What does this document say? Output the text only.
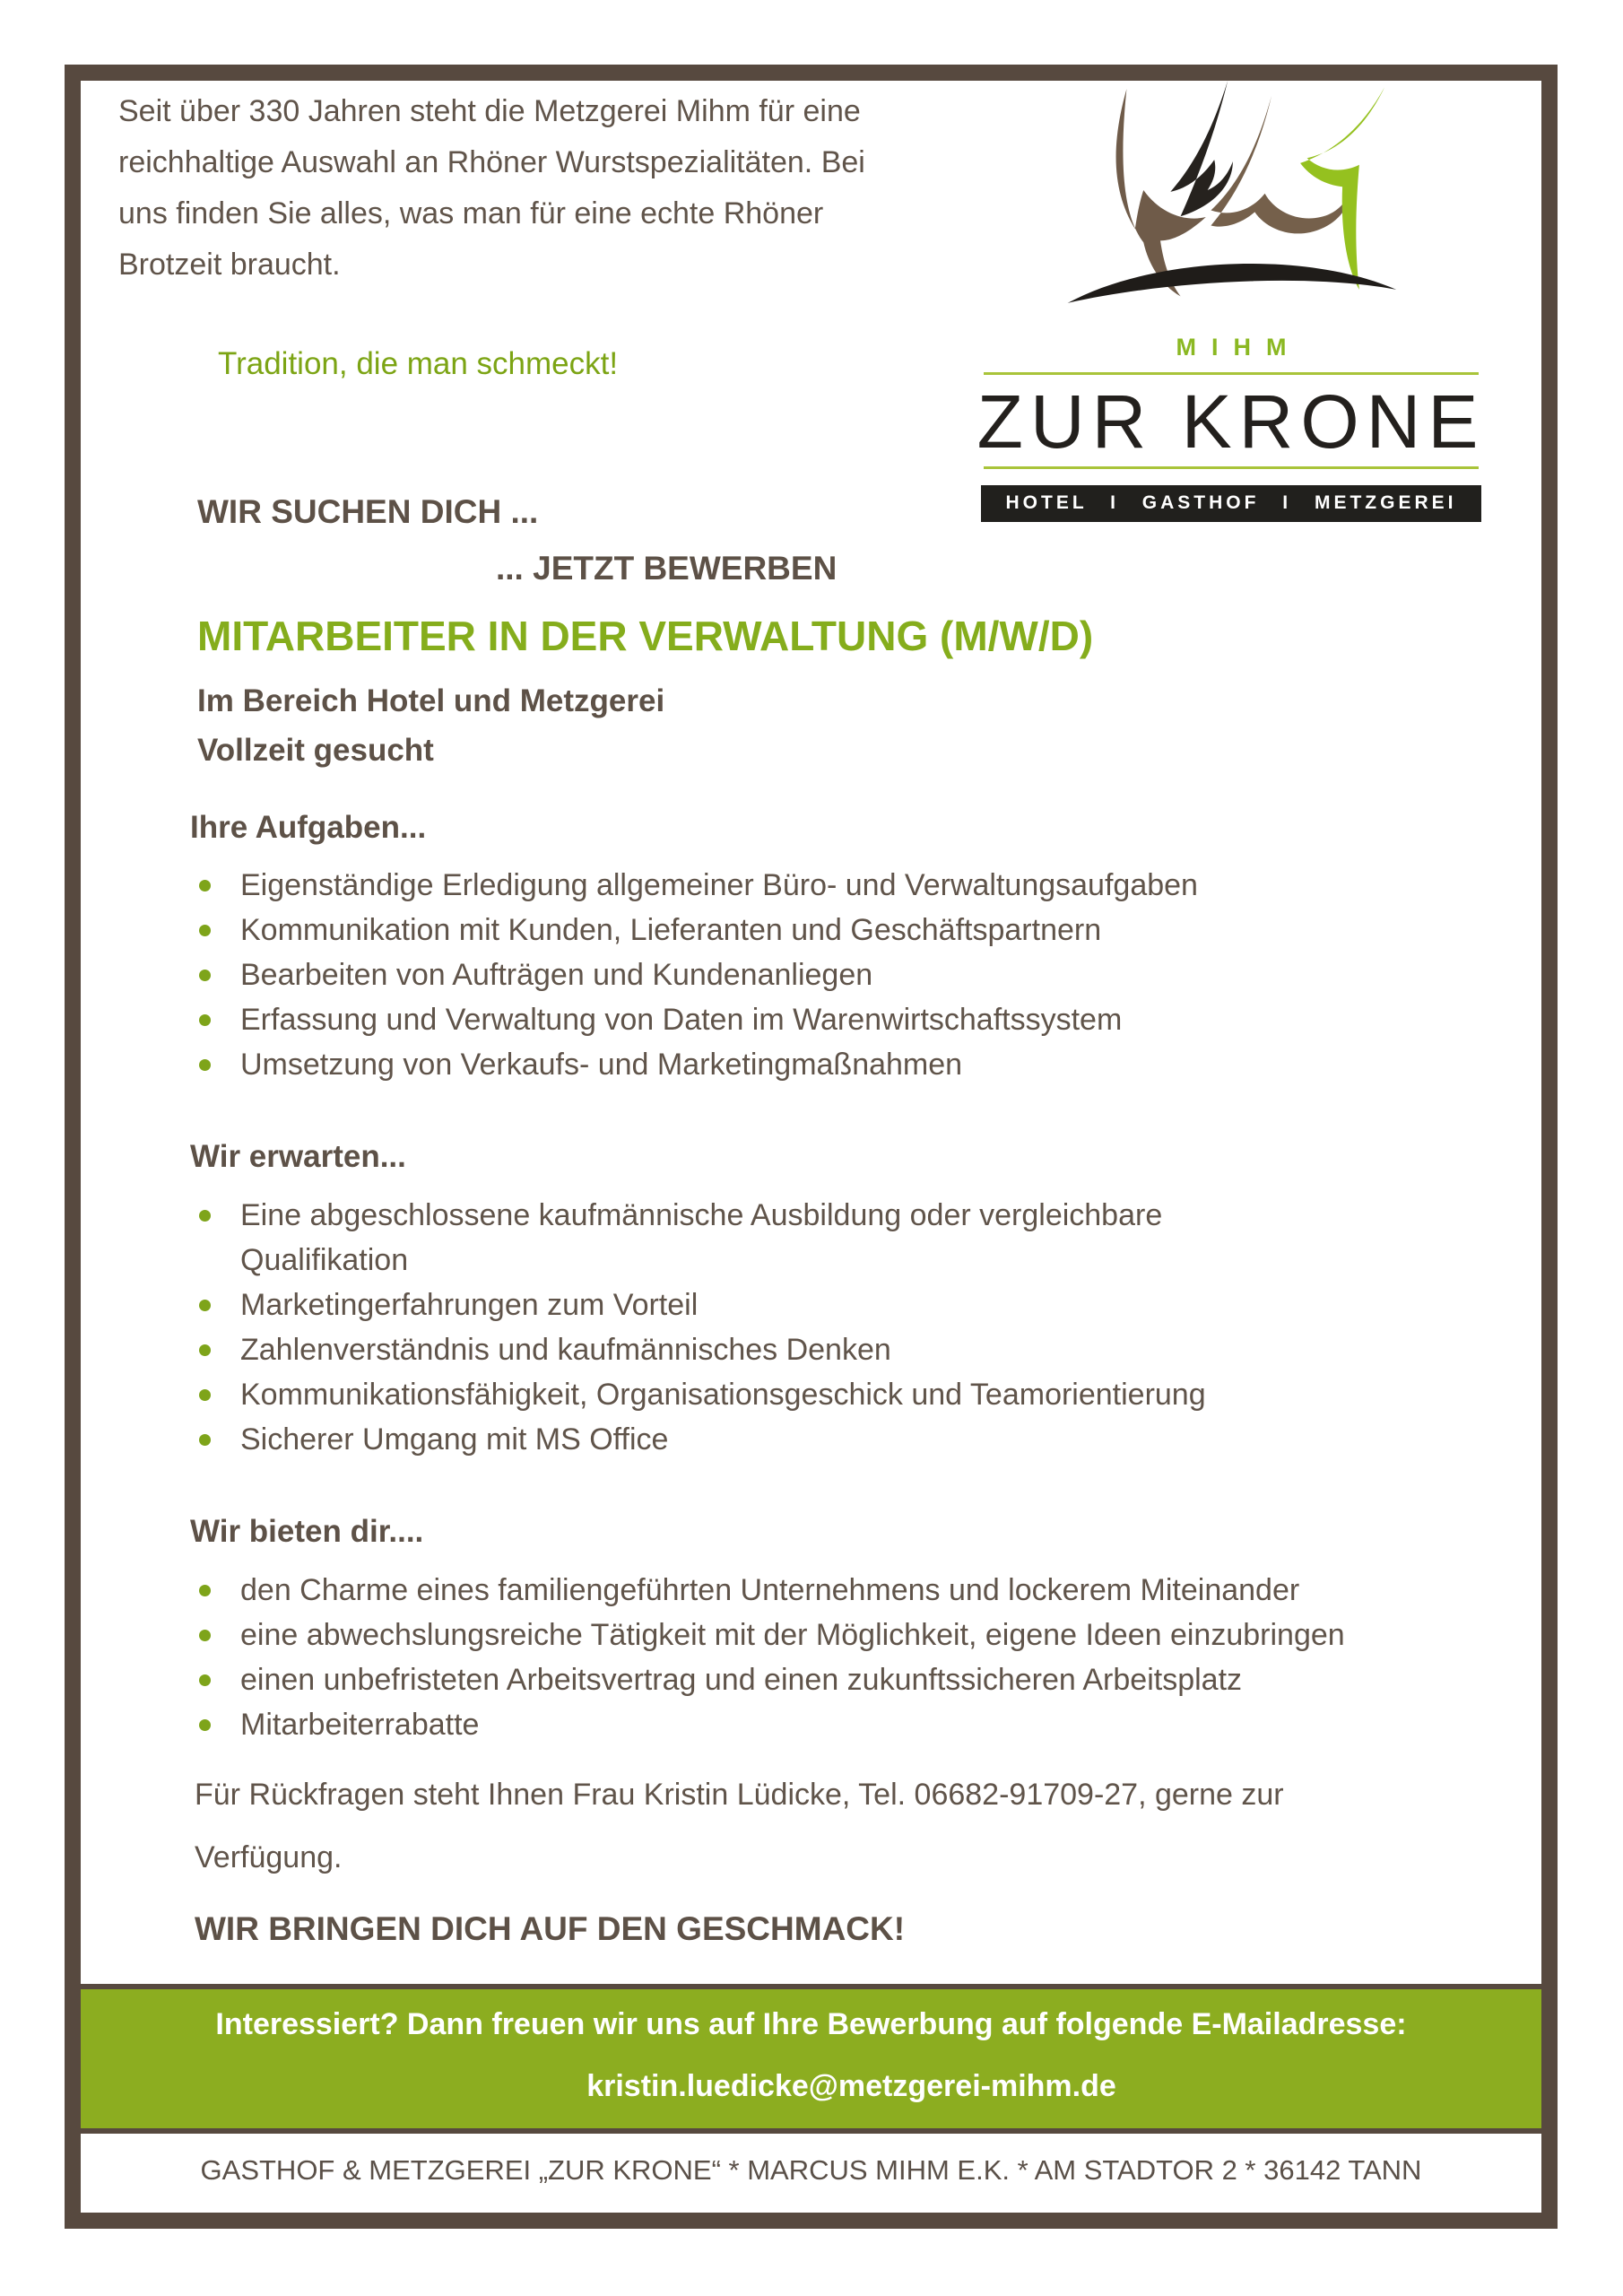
Seit über 330 Jahren steht die Metzgerei Mihm für eine reichhaltige Auswahl an Rhöner Wurstspezialitäten. Bei uns finden Sie alles, was man für eine echte Rhöner Brotzeit braucht.
Tradition, die man schmeckt!	MIHM
ZUR KRONE
HOTEL I GASTHOF I METZGEREI
WIR SUCHEN DICH ...
... JETZT BEWERBEN
MITARBEITER IN DER VERWALTUNG (M/W/D)
Im Bereich Hotel und Metzgerei
Vollzeit gesucht
Ihre Aufgaben...
Eigenständige Erledigung allgemeiner Büro- und Verwaltungsaufgaben
Kommunikation mit Kunden, Lieferanten und Geschäftspartnern
Bearbeiten von Aufträgen und Kundenanliegen
Erfassung und Verwaltung von Daten im Warenwirtschaftssystem
Umsetzung von Verkaufs- und Marketingmaßnahmen
Wir erwarten...
Eine abgeschlossene kaufmännische Ausbildung oder vergleichbare Qualifikation
Marketingerfahrungen zum Vorteil
Zahlenverständnis und kaufmännisches Denken
Kommunikationsfähigkeit, Organisationsgeschick und Teamorientierung
Sicherer Umgang mit MS Office
Wir bieten dir....
den Charme eines familiengeführten Unternehmens und lockerem Miteinander
eine abwechslungsreiche Tätigkeit mit der Möglichkeit, eigene Ideen einzubringen
einen unbefristeten Arbeitsvertrag und einen zukunftssicheren Arbeitsplatz
Mitarbeiterrabatte
Für Rückfragen steht Ihnen Frau Kristin Lüdicke, Tel. 06682-91709-27, gerne zur
Verfügung.
WIR BRINGEN DICH AUF DEN GESCHMACK!
Interessiert? Dann freuen wir uns auf Ihre Bewerbung auf folgende E-Mailadresse:
kristin.luedicke@metzgerei-mihm.de
GASTHOF & METZGEREI „ZUR KRONE“ * MARCUS MIHM E.K. * AM STADTOR 2 * 36142 TANN
